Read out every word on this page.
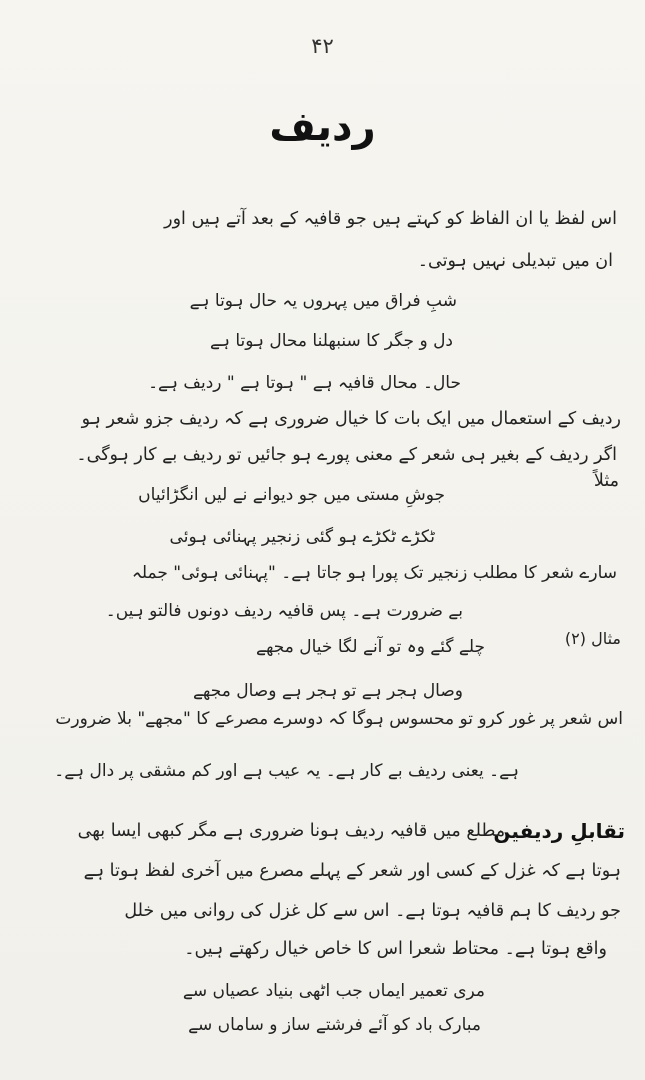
۴۲
ردیف
اس لفظ یا ان الفاظ کو کہتے ہیں جو قافیہ کے بعد آتے ہیں اور
ان میں تبدیلی نہیں ہوتی۔
شبِ فراق میں پہروں یہ حال ہوتا ہے
دل و جگر کا سنبھلنا محال ہوتا ہے
حال۔ محال قافیہ ہے " ہوتا ہے " ردیف ہے۔
ردیف کے استعمال میں ایک بات کا خیال ضروری ہے کہ ردیف جزو شعر ہو
اگر ردیف کے بغیر ہی شعر کے معنی پورے ہو جائیں تو ردیف بے کار ہوگی۔
مثلاً
جوشِ مستی میں جو دیوانے نے لیں انگڑائیاں
ٹکڑے ٹکڑے ہو گئی زنجیر پہنائی ہوئی
سارے شعر کا مطلب زنجیر تک پورا ہو جاتا ہے۔ "پہنائی ہوئی" جملہ
بے ضرورت ہے۔ پس قافیہ ردیف دونوں فالتو ہیں۔
مثال (۲)
چلے گئے وہ تو آنے لگا خیال مجھے
وصال ہجر ہے تو ہجر ہے وصال مجھے
اس شعر پر غور کرو تو محسوس ہوگا کہ دوسرے مصرعے کا "مجھے" بلا ضرورت
ہے۔ یعنی ردیف بے کار ہے۔ یہ عیب ہے اور کم مشقی پر دال ہے۔
تقابلِ ردیفین
۔ مطلع میں قافیہ ردیف ہونا ضروری ہے مگر کبھی ایسا بھی
ہوتا ہے کہ غزل کے کسی اور شعر کے پہلے مصرع میں آخری لفظ ہوتا ہے
جو ردیف کا ہم قافیہ ہوتا ہے۔ اس سے کل غزل کی روانی میں خلل
واقع ہوتا ہے۔ محتاط شعرا اس کا خاص خیال رکھتے ہیں۔
مری تعمیر ایماں جب اٹھی بنیاد عصیاں سے
مبارک باد کو آئے فرشتے ساز و ساماں سے
